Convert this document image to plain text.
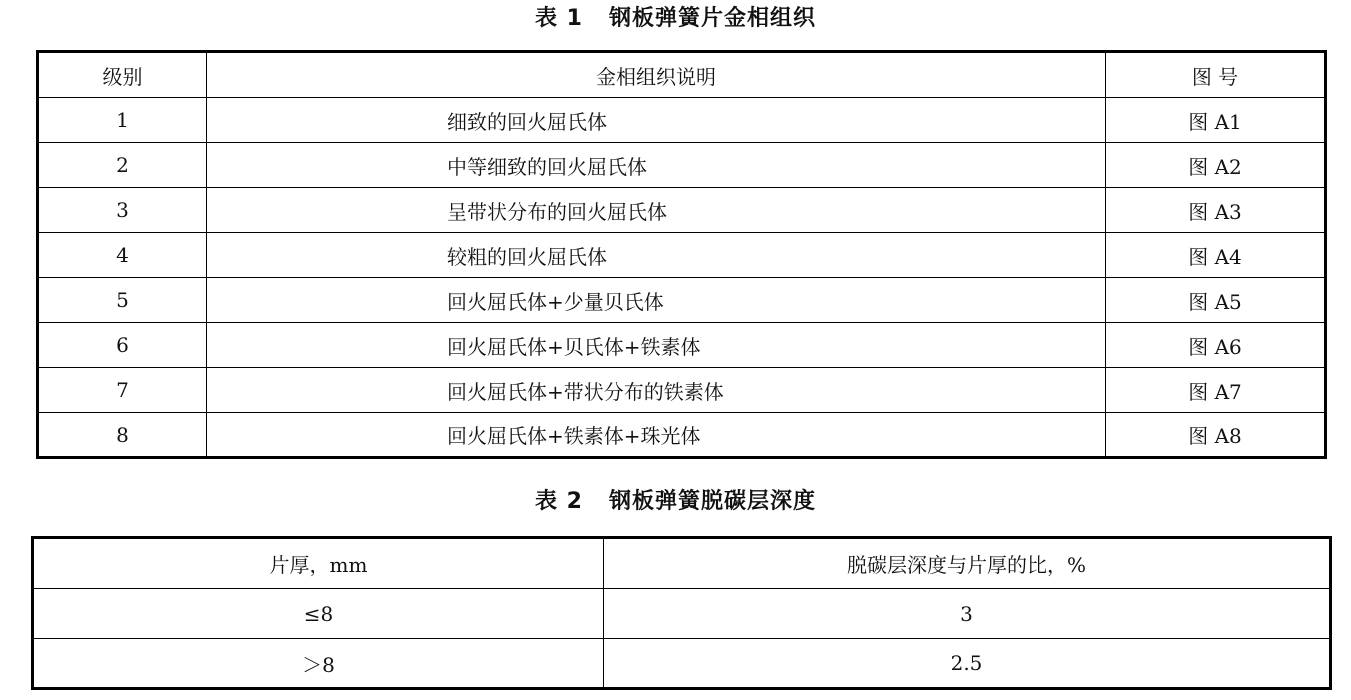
表 1   钢板弹簧片金相组织
级别	金相组织说明	图 号
1	细致的回火屈氏体	图 A1
2	中等细致的回火屈氏体	图 A2
3	呈带状分布的回火屈氏体	图 A3
4	较粗的回火屈氏体	图 A4
5	回火屈氏体+少量贝氏体	图 A5
6	回火屈氏体+贝氏体+铁素体	图 A6
7	回火屈氏体+带状分布的铁素体	图 A7
8	回火屈氏体+铁素体+珠光体	图 A8
表 2   钢板弹簧脱碳层深度
片厚，mm	脱碳层深度与片厚的比，%
≤8	3
＞8	2.5
